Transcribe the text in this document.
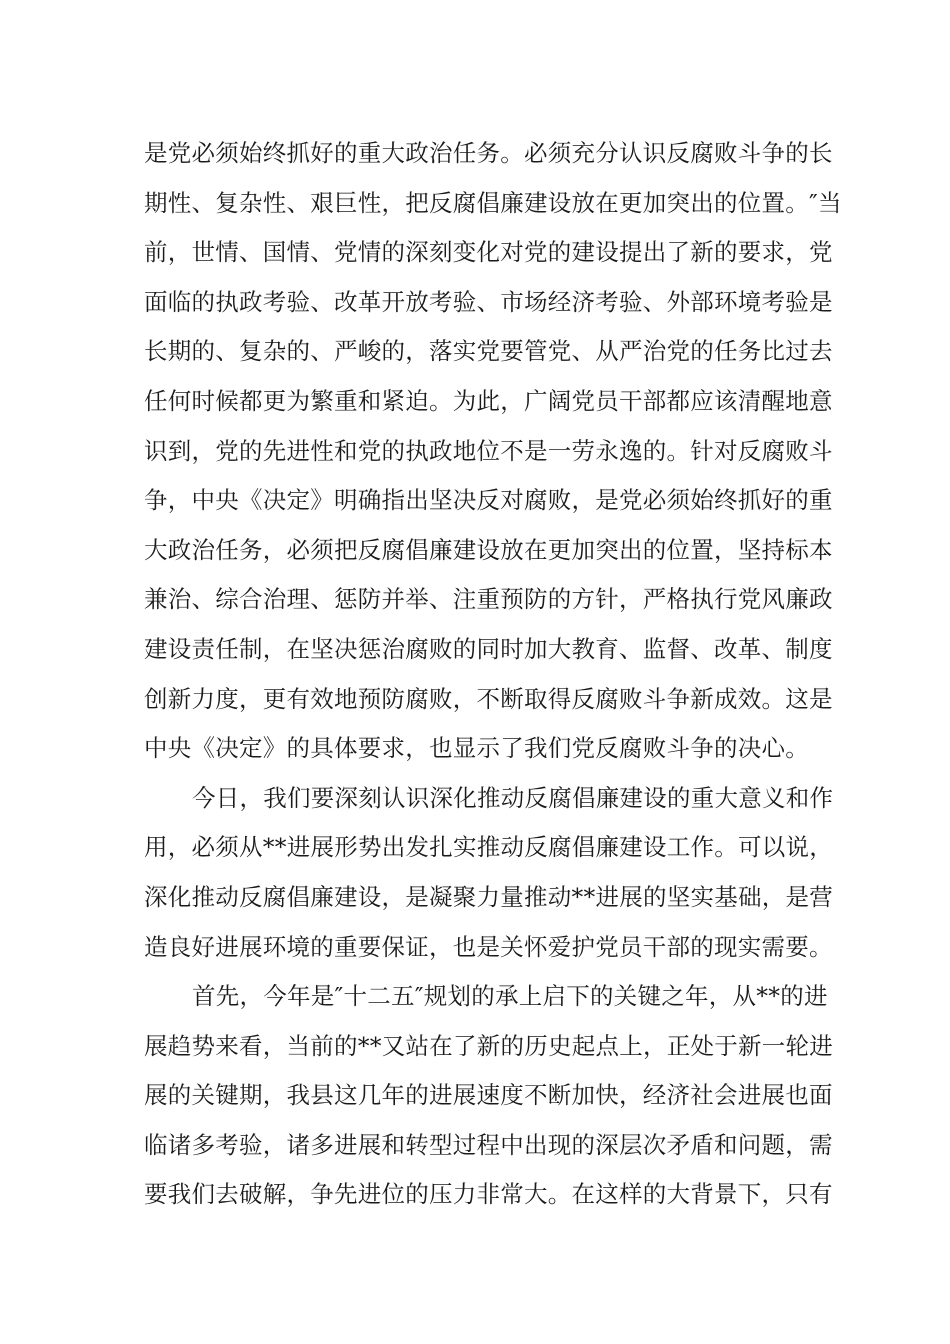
是党必须始终抓好的重大政治任务。必须充分认识反腐败斗争的长
期性、复杂性、艰巨性，把反腐倡廉建设放在更加突出的位置。″当
前，世情、国情、党情的深刻变化对党的建设提出了新的要求，党
面临的执政考验、改革开放考验、市场经济考验、外部环境考验是
长期的、复杂的、严峻的，落实党要管党、从严治党的任务比过去
任何时候都更为繁重和紧迫。为此，广阔党员干部都应该清醒地意
识到，党的先进性和党的执政地位不是一劳永逸的。针对反腐败斗
争，中央《决定》明确指出坚决反对腐败，是党必须始终抓好的重
大政治任务，必须把反腐倡廉建设放在更加突出的位置，坚持标本
兼治、综合治理、惩防并举、注重预防的方针，严格执行党风廉政
建设责任制，在坚决惩治腐败的同时加大教育、监督、改革、制度
创新力度，更有效地预防腐败，不断取得反腐败斗争新成效。这是
中央《决定》的具体要求，也显示了我们党反腐败斗争的决心。
今日，我们要深刻认识深化推动反腐倡廉建设的重大意义和作
用，必须从**进展形势出发扎实推动反腐倡廉建设工作。可以说，
深化推动反腐倡廉建设，是凝聚力量推动**进展的坚实基础，是营
造良好进展环境的重要保证，也是关怀爱护党员干部的现实需要。
首先，今年是″十二五″规划的承上启下的关键之年，从**的进
展趋势来看，当前的**又站在了新的历史起点上，正处于新一轮进
展的关键期，我县这几年的进展速度不断加快，经济社会进展也面
临诸多考验，诸多进展和转型过程中出现的深层次矛盾和问题，需
要我们去破解，争先进位的压力非常大。在这样的大背景下，只有
